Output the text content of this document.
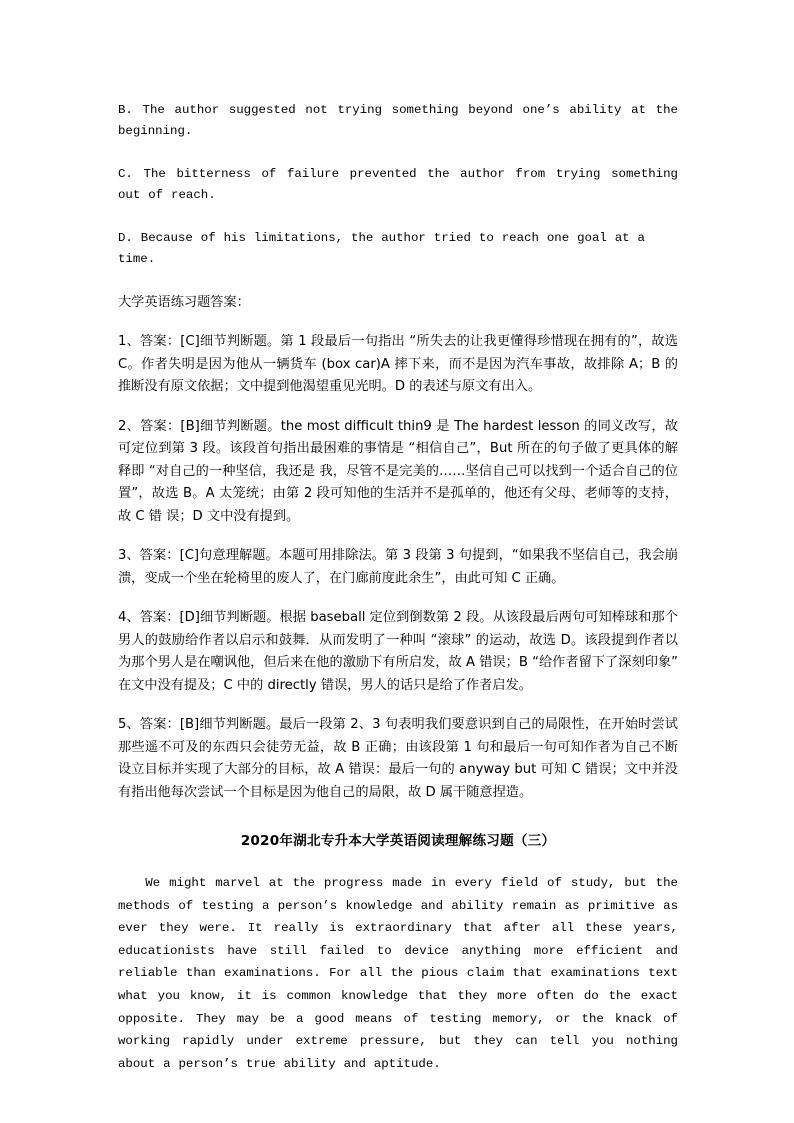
B. The author suggested not trying something beyond one’s ability at the beginning.

C. The bitterness of failure prevented the author from trying something out of reach.

D. Because of his limitations, the author tried to reach one goal at a time.

大学英语练习题答案：

1、答案：[C]细节判断题。第 1 段最后一句指出 “所失去的让我更懂得珍惜现在拥有的”，故选 C。作者失明是因为他从一辆货车 (box car)A 摔下来，而不是因为汽车事故，故排除 A；B 的推断没有原文依据；文中提到他渴望重见光明。D 的表述与原文有出入。

2、答案：[B]细节判断题。the most difficult thin9 是 The hardest lesson 的同义改写，故可定位到第 3 段。该段首句指出最困难的事情是 “相信自己”，But 所在的句子做了更具体的解释即 “对自己的一种坚信，我还是 我，尽管不是完美的……坚信自己可以找到一个适合自己的位置”，故选 B。A 太笼统；由第 2 段可知他的生活并不是孤单的，他还有父母、老师等的支持，故 C 错 误；D 文中没有提到。

3、答案：[C]句意理解题。本题可用排除法。第 3 段第 3 句提到，“如果我不坚信自己，我会崩溃，变成一个坐在轮椅里的废人了，在门廊前度此余生”，由此可知 C 正确。

4、答案：[D]细节判断题。根据 baseball 定位到倒数第 2 段。从该段最后两句可知棒球和那个男人的鼓励给作者以启示和鼓舞．从而发明了一种叫 “滚球” 的运动，故选 D。该段提到作者以为那个男人是在嘲讽他，但后来在他的激励下有所启发，故 A 错误；B “给作者留下了深刻印象” 在文中没有提及；C 中的 directly 错误，男人的话只是给了作者启发。

5、答案：[B]细节判断题。最后一段第 2、3 句表明我们要意识到自己的局限性，在开始时尝试那些遥不可及的东西只会徒劳无益，故 B 正确；由该段第 1 句和最后一句可知作者为自己不断设立目标并实现了大部分的目标，故 A 错误：最后一句的 anyway but 可知 C 错误；文中并没有指出他每次尝试一个目标是因为他自己的局限，故 D 属干随意捏造。

2020年湖北专升本大学英语阅读理解练习题（三）

We might marvel at the progress made in every field of study, but the methods of testing a person’s knowledge and ability remain as primitive as ever they were. It really is extraordinary that after all these years, educationists have still failed to device anything more efficient and reliable than examinations. For all the pious claim that examinations text what you know, it is common knowledge that they more often do the exact opposite. They may be a good means of testing memory, or the knack of working rapidly under extreme pressure, but they can tell you nothing about a person’s true ability and aptitude.
